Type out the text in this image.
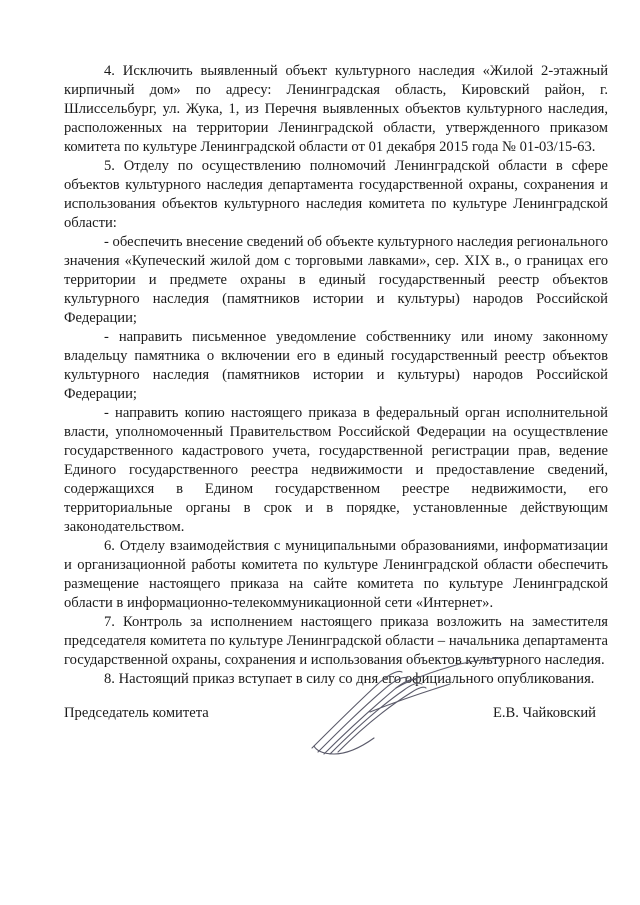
4. Исключить выявленный объект культурного наследия «Жилой 2-этажный кирпичный дом» по адресу: Ленинградская область, Кировский район, г. Шлиссельбург, ул. Жука, 1, из Перечня выявленных объектов культурного наследия, расположенных на территории Ленинградской области, утвержденного приказом комитета по культуре Ленинградской области от 01 декабря 2015 года № 01-03/15-63.

5. Отделу по осуществлению полномочий Ленинградской области в сфере объектов культурного наследия департамента государственной охраны, сохранения и использования объектов культурного наследия комитета по культуре Ленинградской области:

- обеспечить внесение сведений об объекте культурного наследия регионального значения «Купеческий жилой дом с торговыми лавками», сер. XIX в., о границах его территории и предмете охраны в единый государственный реестр объектов культурного наследия (памятников истории и культуры) народов Российской Федерации;

- направить письменное уведомление собственнику или иному законному владельцу памятника о включении его в единый государственный реестр объектов культурного наследия (памятников истории и культуры) народов Российской Федерации;

- направить копию настоящего приказа в федеральный орган исполнительной власти, уполномоченный Правительством Российской Федерации на осуществление государственного кадастрового учета, государственной регистрации прав, ведение Единого государственного реестра недвижимости и предоставление сведений, содержащихся в Едином государственном реестре недвижимости, его территориальные органы в срок и в порядке, установленные действующим законодательством.

6. Отделу взаимодействия с муниципальными образованиями, информатизации и организационной работы комитета по культуре Ленинградской области обеспечить размещение настоящего приказа на сайте комитета по культуре Ленинградской области в информационно-телекоммуникационной сети «Интернет».

7. Контроль за исполнением настоящего приказа возложить на заместителя председателя комитета по культуре Ленинградской области – начальника департамента государственной охраны, сохранения и использования объектов культурного наследия.

8. Настоящий приказ вступает в силу со дня его официального опубликования.

Председатель комитета	Е.В. Чайковский
